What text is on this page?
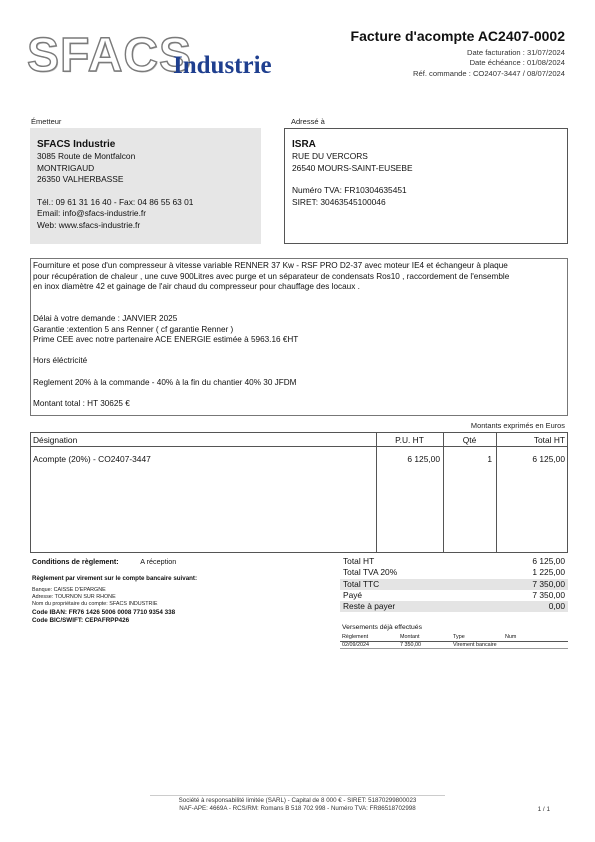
SFACS
Industrie
Facture d'acompte AC2407-0002
Date facturation : 31/07/2024
Date échéance : 01/08/2024
Réf. commande : CO2407-3447 / 08/07/2024
Émetteur	Adressé à
SFACS Industrie
3085 Route de Montfalcon
MONTRIGAUD
26350 VALHERBASSE
Tél.: 09 61 31 16 40 - Fax: 04 86 55 63 01
Email: info@sfacs-industrie.fr
Web: www.sfacs-industrie.fr
ISRA
RUE DU VERCORS
26540 MOURS-SAINT-EUSEBE
Numéro TVA: FR10304635451
SIRET: 30463545100046

Fourniture et pose d'un compresseur à vitesse variable RENNER 37 Kw - RSF PRO D2-37 avec moteur IE4 et échangeur à plaque

pour récupération de chaleur , une cuve 900Litres avec purge et un séparateur de condensats Ros10 , raccordement de l'ensemble

en inox diamètre 42 et gainage de l'air chaud du compresseur pour chauffage des locaux .

Délai à votre demande : JANVIER 2025

Garantie :extention 5 ans Renner ( cf garantie Renner )

Prime CEE avec notre partenaire ACE ENERGIE estimée à 5963.16 €HT

Hors éléctricité

Reglement 20% à la commande - 40% à la fin du chantier 40% 30 JFDM

Montant total : HT 30625 €

Montants exprimés en Euros
Désignation	P.U. HT	Qté	Total HT
Acompte (20%) - CO2407-3447	6 125,00	1	6 125,00
Conditions de règlement:	A réception
Règlement par virement sur le compte bancaire suivant:
Banque: CAISSE D'EPARGNE
Adresse: TOURNON SUR RHONE
Nom du propriétaire du compte: SFACS INDUSTRIE
Code IBAN: FR76 1426 5006 0008 7710 9354 338
Code BIC/SWIFT: CEPAFRPP426
Total HT	6 125,00
Total TVA 20%	1 225,00
Total TTC	7 350,00
Payé	7 350,00
Reste à payer	0,00
Versements déjà effectués
Règlement	Montant	Type	Num
02/09/2024	7 350,00	Virement bancaire
Société à responsabilité limitée (SARL) - Capital de 8 000 € - SIRET: 51870299800023
NAF-APE: 4669A - RCS/RM: Romans B 518 702 998 - Numéro TVA: FR86518702998	1 / 1
